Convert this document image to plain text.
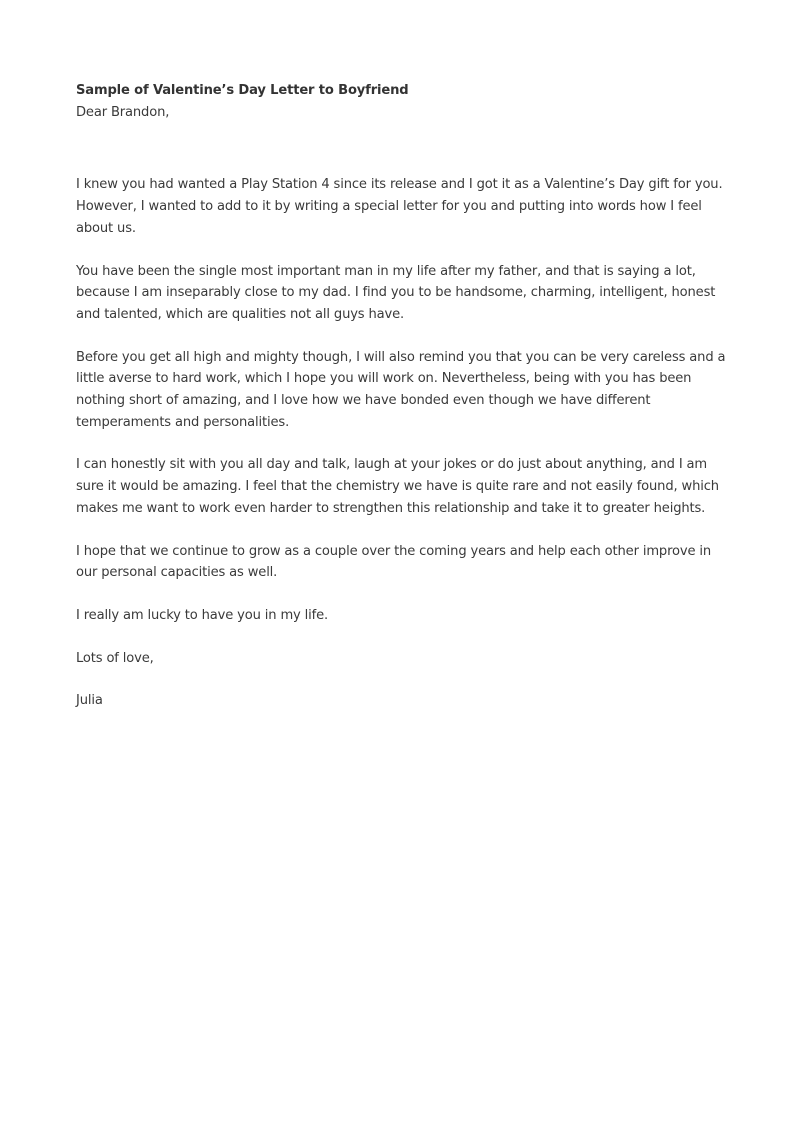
Sample of Valentine’s Day Letter to Boyfriend

Dear Brandon,

I knew you had wanted a Play Station 4 since its release and I got it as a Valentine’s Day gift for you. However, I wanted to add to it by writing a special letter for you and putting into words how I feel about us.

You have been the single most important man in my life after my father, and that is saying a lot, because I am inseparably close to my dad. I find you to be handsome, charming, intelligent, honest and talented, which are qualities not all guys have.

Before you get all high and mighty though, I will also remind you that you can be very careless and a little averse to hard work, which I hope you will work on. Nevertheless, being with you has been nothing short of amazing, and I love how we have bonded even though we have different temperaments and personalities.

I can honestly sit with you all day and talk, laugh at your jokes or do just about anything, and I am sure it would be amazing. I feel that the chemistry we have is quite rare and not easily found, which makes me want to work even harder to strengthen this relationship and take it to greater heights.

I hope that we continue to grow as a couple over the coming years and help each other improve in our personal capacities as well.

I really am lucky to have you in my life.

Lots of love,

Julia
